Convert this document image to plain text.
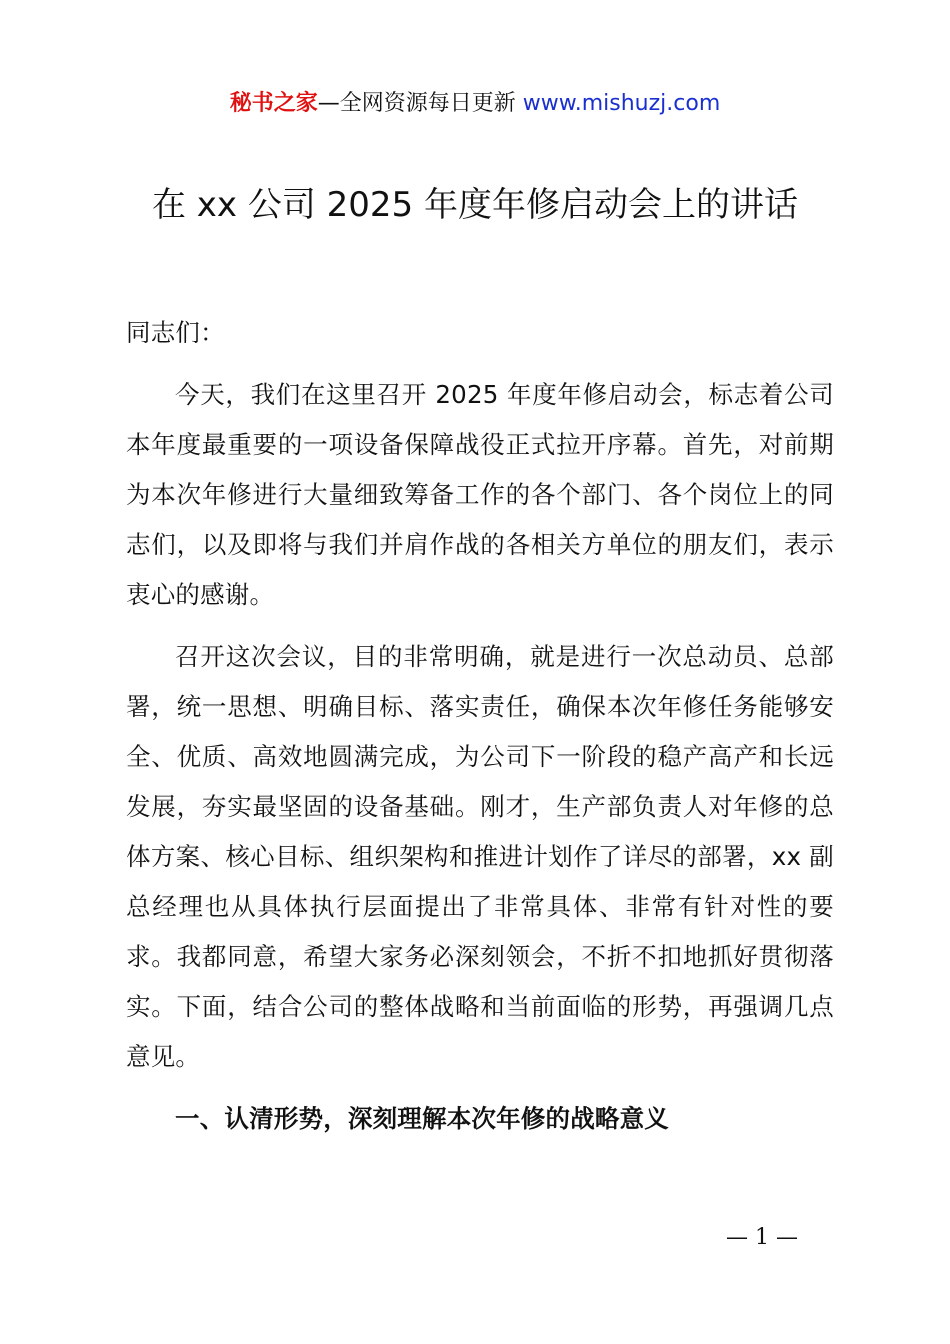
秘书之家—全网资源每日更新 www.mishuzj.com
在 xx 公司 2025 年度年修启动会上的讲话

同志们：

今天，我们在这里召开 2025 年度年修启动会，标志着公司本年度最重要的一项设备保障战役正式拉开序幕。首先，对前期为本次年修进行大量细致筹备工作的各个部门、各个岗位上的同志们，以及即将与我们并肩作战的各相关方单位的朋友们，表示衷心的感谢。

召开这次会议，目的非常明确，就是进行一次总动员、总部署，统一思想、明确目标、落实责任，确保本次年修任务能够安全、优质、高效地圆满完成，为公司下一阶段的稳产高产和长远发展，夯实最坚固的设备基础。刚才，生产部负责人对年修的总体方案、核心目标、组织架构和推进计划作了详尽的部署，xx 副总经理也从具体执行层面提出了非常具体、非常有针对性的要求。我都同意，希望大家务必深刻领会，不折不扣地抓好贯彻落实。下面，结合公司的整体战略和当前面临的形势，再强调几点意见。

一、认清形势，深刻理解本次年修的战略意义

— 1 —
